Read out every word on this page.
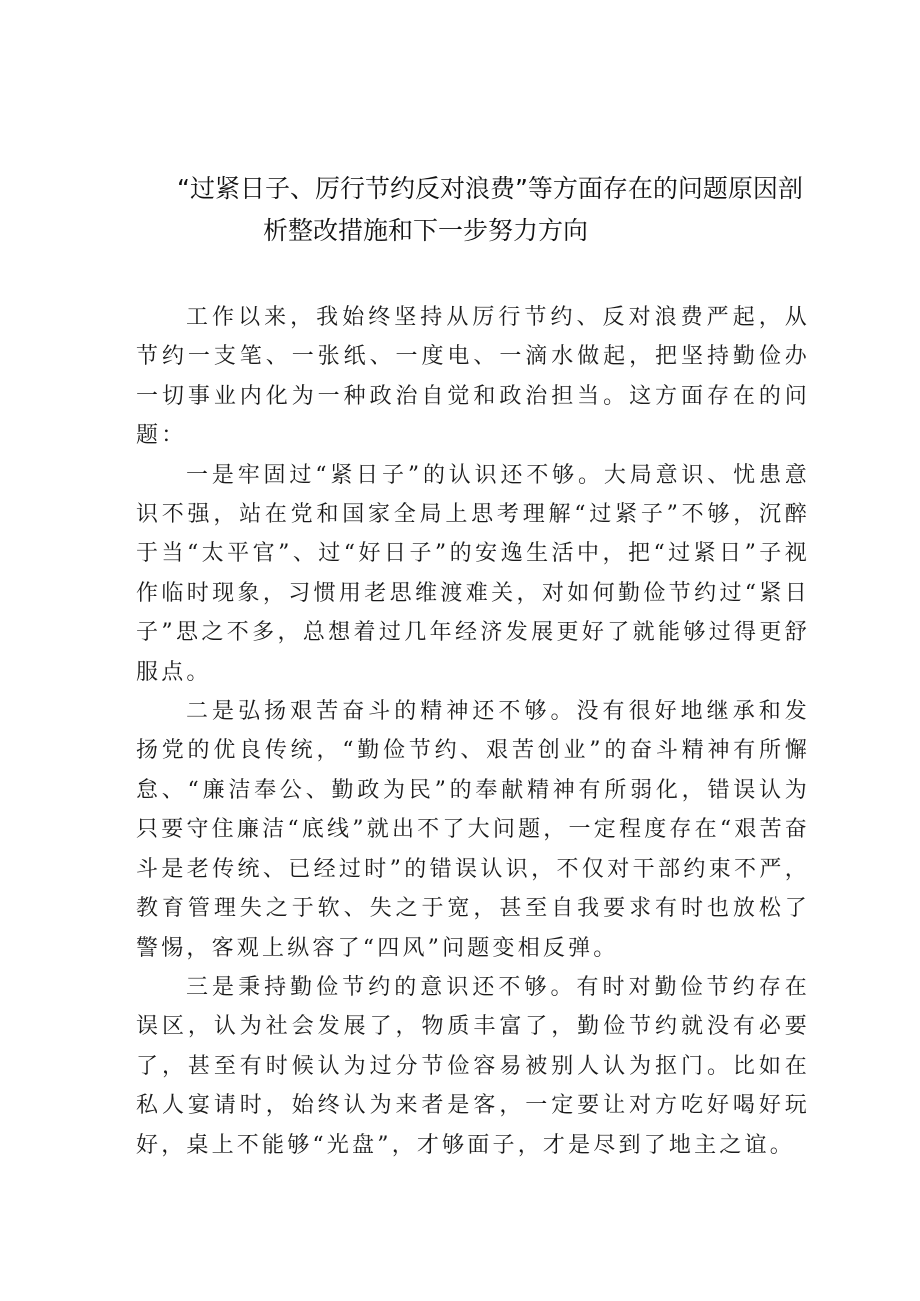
“过紧日子、厉行节约反对浪费”等方面存在的问题原因剖
析整改措施和下一步努力方向

工作以来，我始终坚持从厉行节约、反对浪费严起，从节约一支笔、一张纸、一度电、一滴水做起，把坚持勤俭办一切事业内化为一种政治自觉和政治担当。这方面存在的问题：

一是牢固过“紧日子”的认识还不够。大局意识、忧患意识不强，站在党和国家全局上思考理解“过紧子”不够，沉醉于当“太平官”、过“好日子”的安逸生活中，把“过紧日”子视作临时现象，习惯用老思维渡难关，对如何勤俭节约过“紧日子”思之不多，总想着过几年经济发展更好了就能够过得更舒服点。

二是弘扬艰苦奋斗的精神还不够。没有很好地继承和发扬党的优良传统，“勤俭节约、艰苦创业”的奋斗精神有所懈怠、“廉洁奉公、勤政为民”的奉献精神有所弱化，错误认为只要守住廉洁“底线”就出不了大问题，一定程度存在“艰苦奋斗是老传统、已经过时”的错误认识，不仅对干部约束不严，教育管理失之于软、失之于宽，甚至自我要求有时也放松了警惕，客观上纵容了“四风”问题变相反弹。

三是秉持勤俭节约的意识还不够。有时对勤俭节约存在误区，认为社会发展了，物质丰富了，勤俭节约就没有必要了，甚至有时候认为过分节俭容易被别人认为抠门。比如在私人宴请时，始终认为来者是客，一定要让对方吃好喝好玩好，桌上不能够“光盘”，才够面子，才是尽到了地主之谊。
